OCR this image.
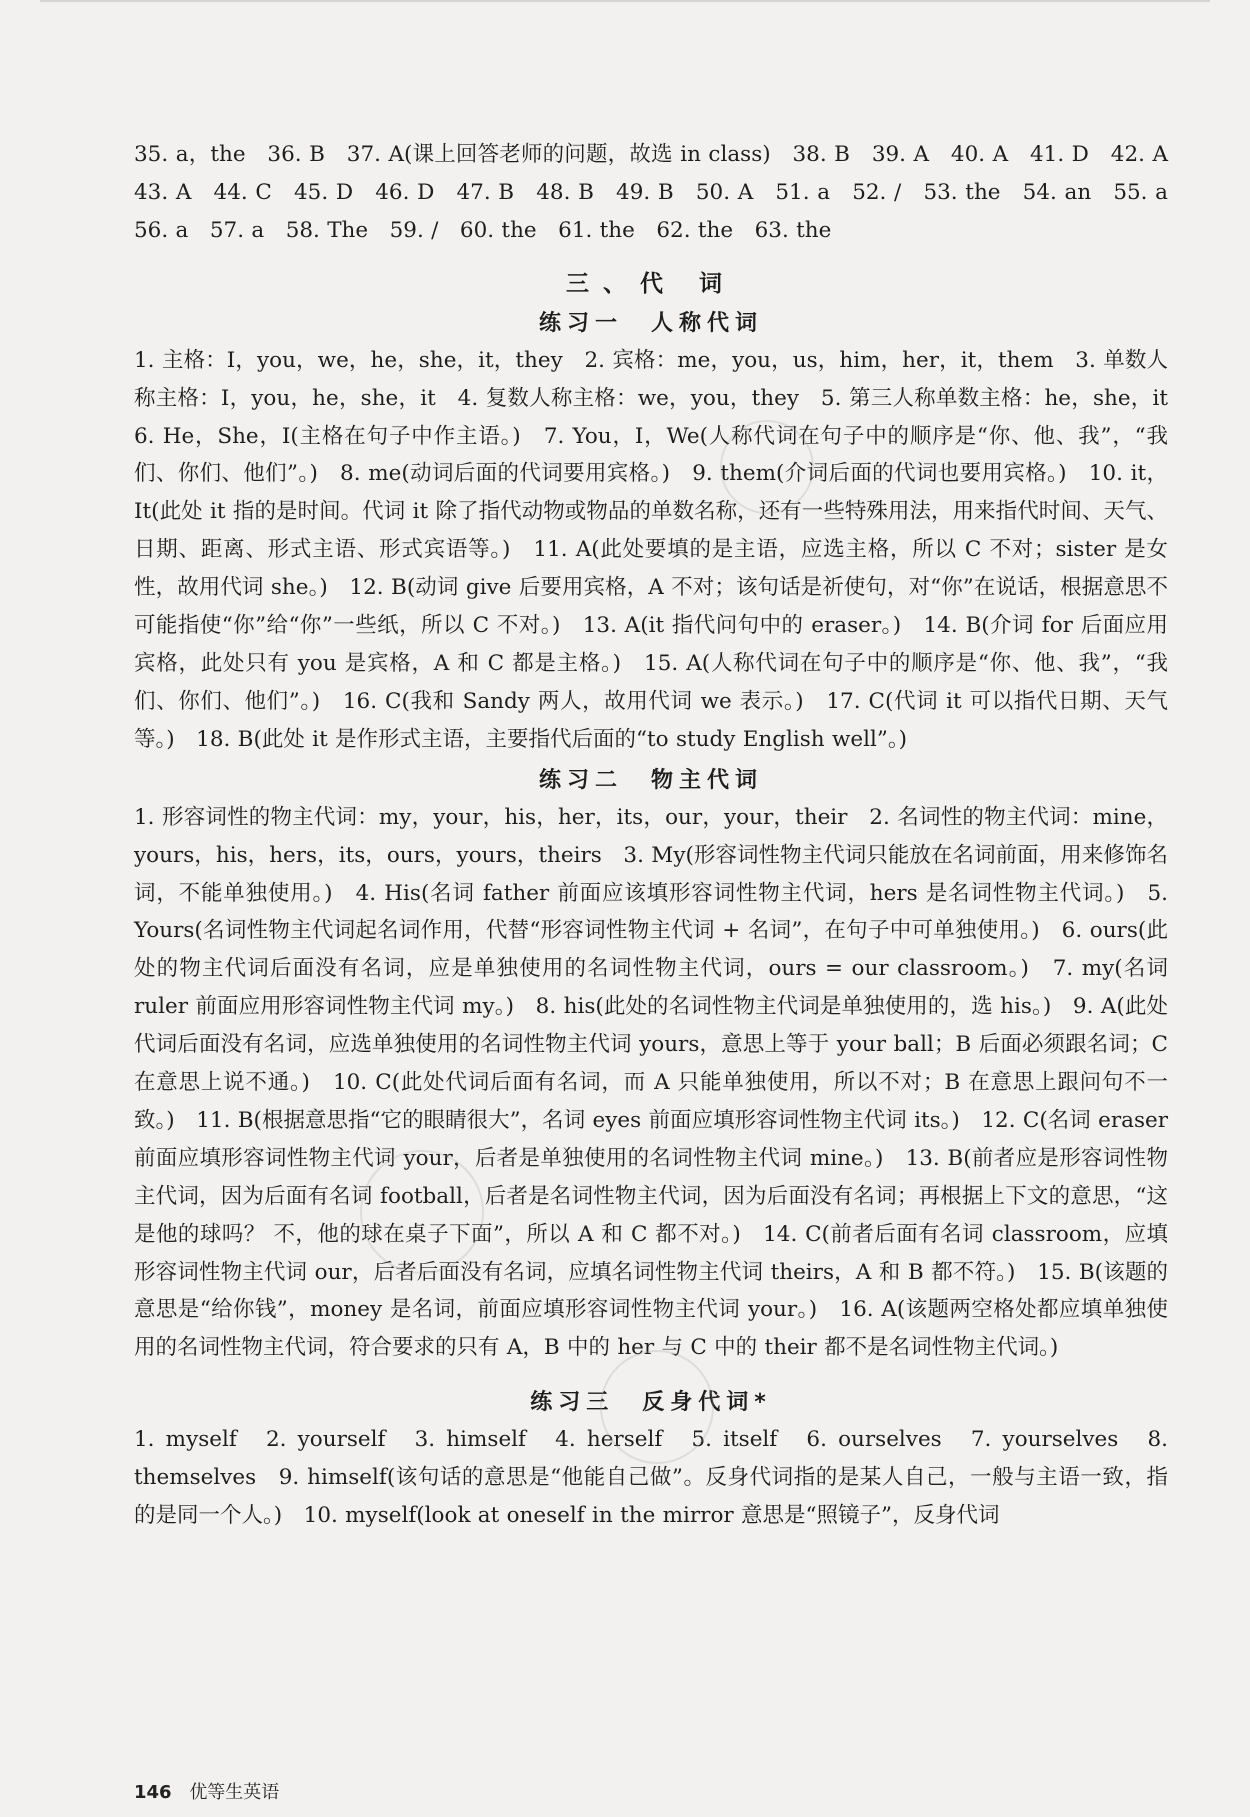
35. a，the　36. B　37. A(课上回答老师的问题，故选 in class)　38. B　39. A　40. A　41. D　42. A　43. A　44. C　45. D　46. D　47. B　48. B　49. B　50. A　51. a　52. /　53. the　54. an　55. a　56. a　57. a　58. The　59. /　60. the　61. the　62. the　63. the

三、代 词
练习一　人称代词

1. 主格：I，you，we，he，she，it，they　2. 宾格：me，you，us，him，her，it，them　3. 单数人称主格：I，you，he，she，it　4. 复数人称主格：we，you，they　5. 第三人称单数主格：he，she，it　6. He，She，I(主格在句子中作主语。)　7. You，I，We(人称代词在句子中的顺序是“你、他、我”，“我们、你们、他们”。)　8. me(动词后面的代词要用宾格。)　9. them(介词后面的代词也要用宾格。)　10. it，It(此处 it 指的是时间。代词 it 除了指代动物或物品的单数名称，还有一些特殊用法，用来指代时间、天气、日期、距离、形式主语、形式宾语等。)　11. A(此处要填的是主语，应选主格，所以 C 不对；sister 是女性，故用代词 she。)　12. B(动词 give 后要用宾格，A 不对；该句话是祈使句，对“你”在说话，根据意思不可能指使“你”给“你”一些纸，所以 C 不对。)　13. A(it 指代问句中的 eraser。)　14. B(介词 for 后面应用宾格，此处只有 you 是宾格，A 和 C 都是主格。)　15. A(人称代词在句子中的顺序是“你、他、我”，“我们、你们、他们”。)　16. C(我和 Sandy 两人，故用代词 we 表示。)　17. C(代词 it 可以指代日期、天气等。)　18. B(此处 it 是作形式主语，主要指代后面的“to study English well”。)

练习二　物主代词

1. 形容词性的物主代词：my，your，his，her，its，our，your，their　2. 名词性的物主代词：mine，yours，his，hers，its，ours，yours，theirs　3. My(形容词性物主代词只能放在名词前面，用来修饰名词，不能单独使用。)　4. His(名词 father 前面应该填形容词性物主代词，hers 是名词性物主代词。)　5. Yours(名词性物主代词起名词作用，代替“形容词性物主代词 + 名词”，在句子中可单独使用。)　6. ours(此处的物主代词后面没有名词，应是单独使用的名词性物主代词，ours = our classroom。)　7. my(名词 ruler 前面应用形容词性物主代词 my。)　8. his(此处的名词性物主代词是单独使用的，选 his。)　9. A(此处代词后面没有名词，应选单独使用的名词性物主代词 yours，意思上等于 your ball；B 后面必须跟名词；C 在意思上说不通。)　10. C(此处代词后面有名词，而 A 只能单独使用，所以不对；B 在意思上跟问句不一致。)　11. B(根据意思指“它的眼睛很大”，名词 eyes 前面应填形容词性物主代词 its。)　12. C(名词 eraser 前面应填形容词性物主代词 your，后者是单独使用的名词性物主代词 mine。)　13. B(前者应是形容词性物主代词，因为后面有名词 football，后者是名词性物主代词，因为后面没有名词；再根据上下文的意思，“这是他的球吗？ 不，他的球在桌子下面”，所以 A 和 C 都不对。)　14. C(前者后面有名词 classroom，应填形容词性物主代词 our，后者后面没有名词，应填名词性物主代词 theirs，A 和 B 都不符。)　15. B(该题的意思是“给你钱”，money 是名词，前面应填形容词性物主代词 your。)　16. A(该题两空格处都应填单独使用的名词性物主代词，符合要求的只有 A，B 中的 her 与 C 中的 their 都不是名词性物主代词。)

练习三　反身代词*

1. myself　2. yourself　3. himself　4. herself　5. itself　6. ourselves　7. yourselves　8. themselves　9. himself(该句话的意思是“他能自己做”。反身代词指的是某人自己，一般与主语一致，指的是同一个人。)　10. myself(look at oneself in the mirror 意思是“照镜子”，反身代词

146 优等生英语
